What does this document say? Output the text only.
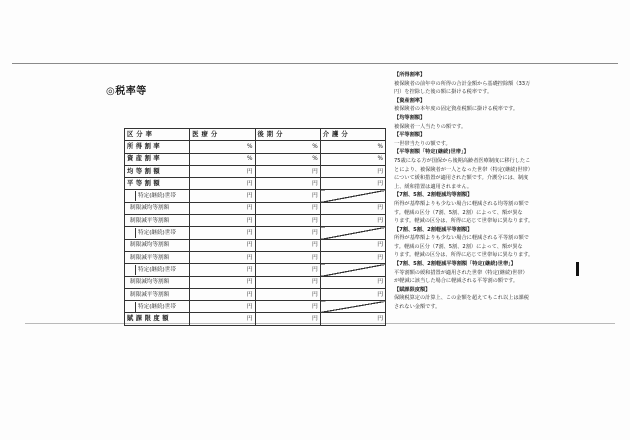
◎税率等
区分率	医療分	後期分	介護分
所得割率	%	%	%
資産割率	%	%	%
均等割額	円	円	円
平等割額	円	円	円
特定(継続)世帯	円	円	
制限減均等割額	円	円	円
制限減平等割額	円	円	円
特定(継続)世帯	円	円	
制限減均等割額	円	円	円
制限減平等割額	円	円	円
特定(継続)世帯	円	円	
制限減均等割額	円	円	円
制限減平等割額	円	円	円
特定(継続)世帯	円	円	
賦課限度額	円	円	円

【所得割率】

被保険者の前年中の所得の合計金額から基礎控除額（33万
円）を控除した後の額に掛ける税率です。

【資産割率】

被保険者の本年度の固定資産税額に掛ける税率です。

【均等割額】

被保険者一人当たりの額です。

【平等割額】

一世帯当たりの額です。

【平等割額「特定(継続)世帯」】

75歳になる方が国保から後期高齢者医療制度に移行したこ
とにより、被保険者が一人となった世帯（特定(継続)世帯）
について緩和措置が適用された額です。介護分には、制度
上、緩和措置は適用されません。

【7割、5割、2割軽減均等割額】

所得が基準額よりも少ない場合に軽減される均等割の額で
す。軽減の区分（7割、5割、2割）によって、額が異な
ります。軽減の区分は、所得に応じて世帯毎に異なります。

【7割、5割、2割軽減平等割額】

所得が基準額よりも少ない場合に軽減される平等割の額で
す。軽減の区分（7割、5割、2割）によって、額が異な
ります。軽減の区分は、所得に応じて世帯毎に異なります。

【7割、5割、2割軽減平等割額「特定(継続)世帯」】

平等割額の緩和措置が適用された世帯（特定(継続)世帯）
が軽減に該当した場合に軽減される平等割の額です。

【賦課限度額】

保険税算定の計算上、この金額を超えてもこれ以上は課税
されない金額です。
